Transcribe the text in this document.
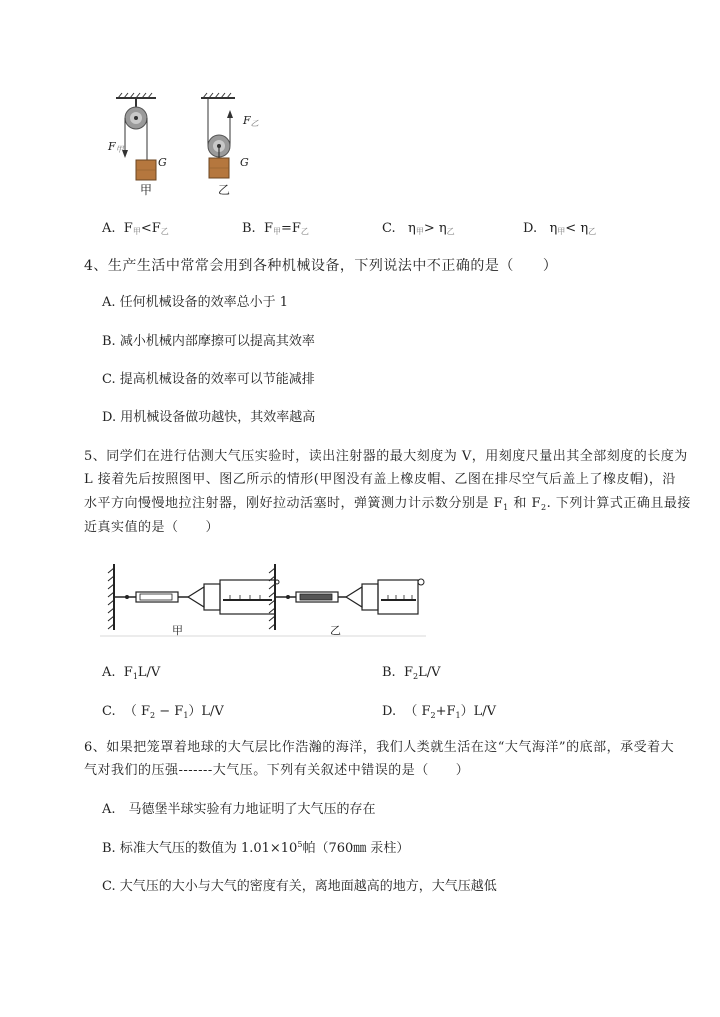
F甲
G
甲
F乙
G
乙
A. F甲<F乙	B. F甲=F乙	C. η甲> η乙	D. η甲< η乙
4、生产生活中常常会用到各种机械设备，下列说法中不正确的是（　　）
A. 任何机械设备的效率总小于 1
B. 减小机械内部摩擦可以提高其效率
C. 提高机械设备的效率可以节能减排
D. 用机械设备做功越快，其效率越高
5、同学们在进行估测大气压实验时，读出注射器的最大刻度为 V，用刻度尺量出其全部刻度的长度为
L 接着先后按照图甲、图乙所示的情形(甲图没有盖上橡皮帽、乙图在排尽空气后盖上了橡皮帽)，沿
水平方向慢慢地拉注射器，刚好拉动活塞时，弹簧测力计示数分别是 $F_1$ 和 $F_2$. 下列计算式正确且最接
近真实值的是（　　）
甲	乙
A. $F_1L/V$	B. $F_2L/V$
C. （ $F_2 - F_1)L/V$	D. （ $F_2+F_1)L/V$
6、如果把笼罩着地球的大气层比作浩瀚的海洋，我们人类就生活在这“大气海洋”的底部，承受着大
气对我们的压强-------大气压。下列有关叙述中错误的是（　　）
A.　马德堡半球实验有力地证明了大气压的存在
B. 标准大气压的数值为 $1.01\times 10^5$帕（760㎜ 汞柱）
C. 大气压的大小与大气的密度有关，离地面越高的地方，大气压越低
